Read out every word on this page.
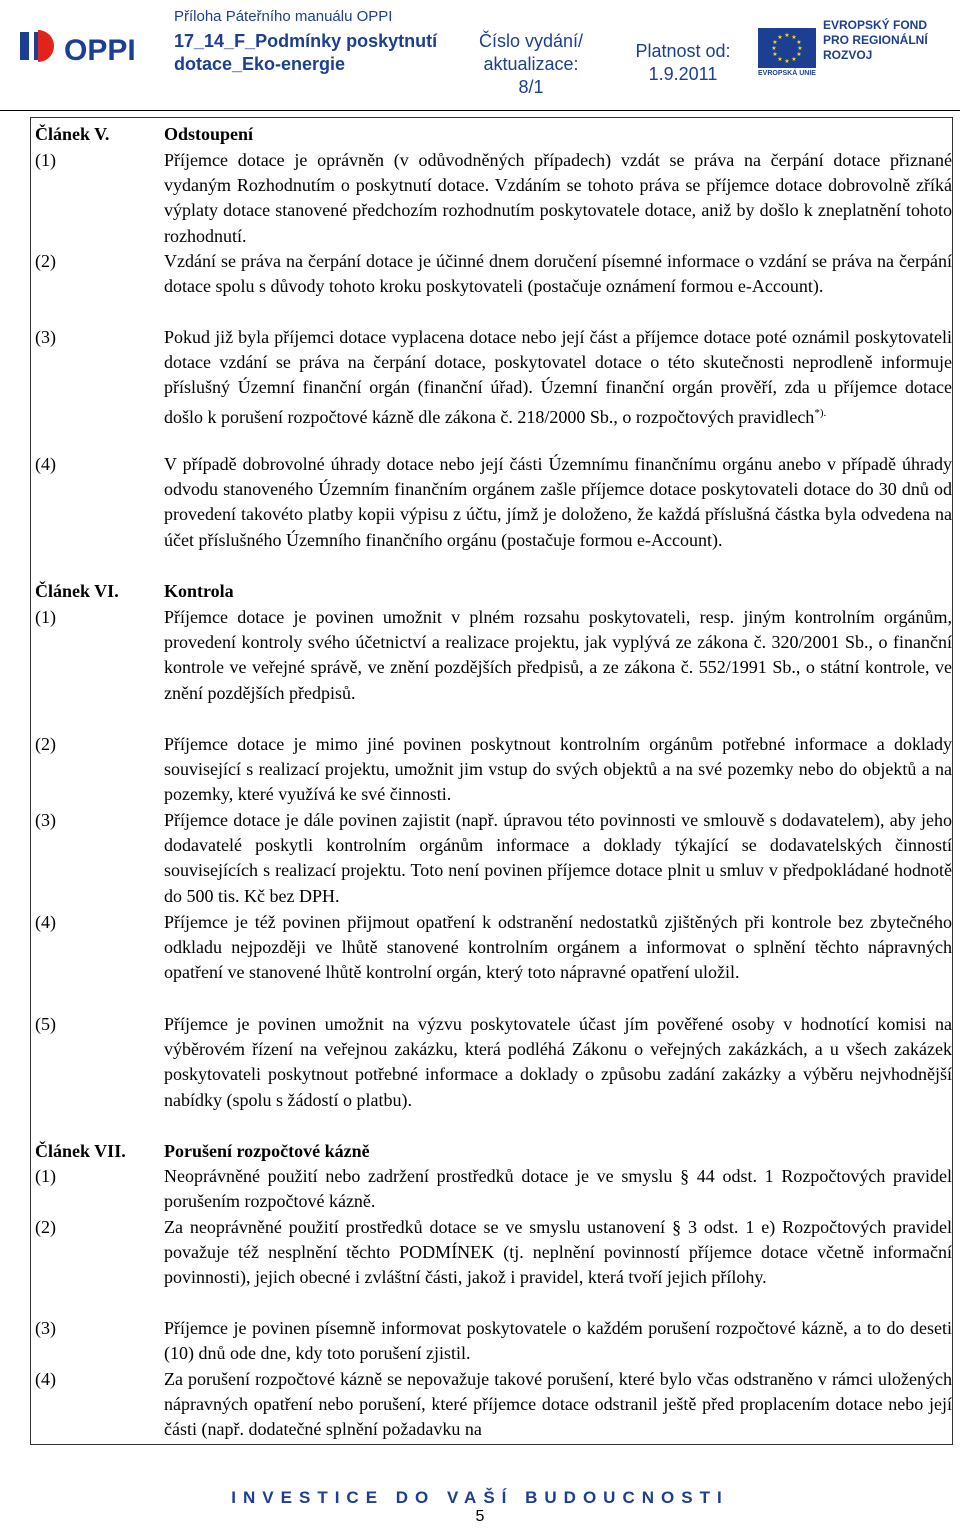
OPPI
Příloha Páteřního manuálu OPPI
17_14_F_Podmínky poskytnutí dotace_Eko-energie
Číslo vydání/ aktualizace:
8/1
Platnost od:
1.9.2011
★ ★
★
★
★
★
★
★
★
★
★
★
EVROPSKÁ UNIE
EVROPSKÝ FOND PRO REGIONÁLNÍ ROZVOJ
Článek V.	Odstoupení
(1)	Příjemce dotace je oprávněn (v odůvodněných případech) vzdát se práva na čerpání dotace přiznané vydaným Rozhodnutím o poskytnutí dotace. Vzdáním se tohoto práva se příjemce dotace dobrovolně zříká výplaty dotace stanovené předchozím rozhodnutím poskytovatele dotace, aniž by došlo k zneplatnění tohoto rozhodnutí.
(2)	Vzdání se práva na čerpání dotace je účinné dnem doručení písemné informace o vzdání se práva na čerpání dotace spolu s důvody tohoto kroku poskytovateli (postačuje oznámení formou e-Account).
(3)	Pokud již byla příjemci dotace vyplacena dotace nebo její část a příjemce dotace poté oznámil poskytovateli dotace vzdání se práva na čerpání dotace, poskytovatel dotace o této skutečnosti neprodleně informuje příslušný Územní finanční orgán (finanční úřad). Územní finanční orgán prověří, zda u příjemce dotace došlo k porušení rozpočtové kázně dle zákona č. 218/2000 Sb., o rozpočtových pravidlech*).
(4)	V případě dobrovolné úhrady dotace nebo její části Územnímu finančnímu orgánu anebo v případě úhrady odvodu stanoveného Územním finančním orgánem zašle příjemce dotace poskytovateli dotace do 30 dnů od provedení takovéto platby kopii výpisu z účtu, jímž je doloženo, že každá příslušná částka byla odvedena na účet příslušného Územního finančního orgánu (postačuje formou e-Account).
Článek VI.	Kontrola
(1)	Příjemce dotace je povinen umožnit v plném rozsahu poskytovateli, resp. jiným kontrolním orgánům, provedení kontroly svého účetnictví a realizace projektu, jak vyplývá ze zákona č. 320/2001 Sb., o finanční kontrole ve veřejné správě, ve znění pozdějších předpisů, a ze zákona č. 552/1991 Sb., o státní kontrole, ve znění pozdějších předpisů.
(2)	Příjemce dotace je mimo jiné povinen poskytnout kontrolním orgánům potřebné informace a doklady související s realizací projektu, umožnit jim vstup do svých objektů a na své pozemky nebo do objektů a na pozemky, které využívá ke své činnosti.
(3)	Příjemce dotace je dále povinen zajistit (např. úpravou této povinnosti ve smlouvě s dodavatelem), aby jeho dodavatelé poskytli kontrolním orgánům informace a doklady týkající se dodavatelských činností souvisejících s realizací projektu. Toto není povinen příjemce dotace plnit u smluv v předpokládané hodnotě do 500 tis. Kč bez DPH.
(4)	Příjemce je též povinen přijmout opatření k odstranění nedostatků zjištěných při kontrole bez zbytečného odkladu nejpozději ve lhůtě stanovené kontrolním orgánem a informovat o splnění těchto nápravných opatření ve stanovené lhůtě kontrolní orgán, který toto nápravné opatření uložil.
(5)	Příjemce je povinen umožnit na výzvu poskytovatele účast jím pověřené osoby v hodnotící komisi na výběrovém řízení na veřejnou zakázku, která podléhá Zákonu o veřejných zakázkách, a u všech zakázek poskytovateli poskytnout potřebné informace a doklady o způsobu zadání zakázky a výběru nejvhodnější nabídky (spolu s žádostí o platbu).
Článek VII. Porušení rozpočtové kázně
(1)	Neoprávněné použití nebo zadržení prostředků dotace je ve smyslu § 44 odst. 1 Rozpočtových pravidel porušením rozpočtové kázně.
(2)	Za neoprávněné použití prostředků dotace se ve smyslu ustanovení § 3 odst. 1 e) Rozpočtových pravidel považuje též nesplnění těchto PODMÍNEK (tj. neplnění povinností příjemce dotace včetně informační povinnosti), jejich obecné i zvláštní části, jakož i pravidel, která tvoří jejich přílohy.
(3)	Příjemce je povinen písemně informovat poskytovatele o každém porušení rozpočtové kázně, a to do deseti (10) dnů ode dne, kdy toto porušení zjistil.
(4)	Za porušení rozpočtové kázně se nepovažuje takové porušení, které bylo včas odstraněno v rámci uložených nápravných opatření nebo porušení, které příjemce dotace odstranil ještě před proplacením dotace nebo její části (např. dodatečné splnění požadavku na
INVESTICE DO VAŠÍ BUDOUCNOSTI
5
